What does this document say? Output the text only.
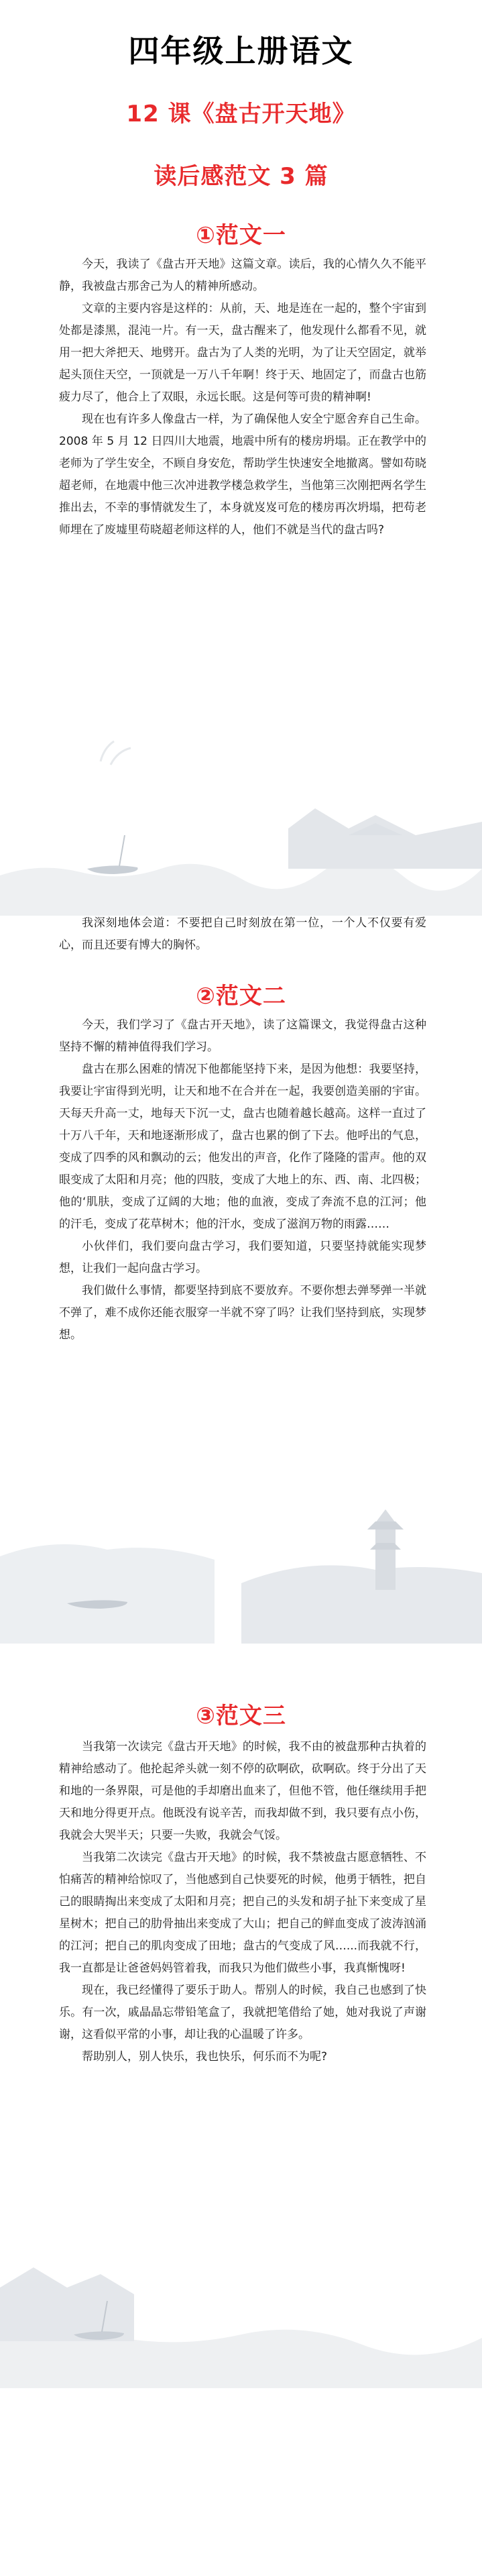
四年级上册语文
12 课《盘古开天地》
读后感范文 3 篇
①范文一

今天，我读了《盘古开天地》这篇文章。读后，我的心情久久不能平静，我被盘古那舍己为人的精神所感动。

文章的主要内容是这样的：从前，天、地是连在一起的，整个宇宙到处都是漆黑，混沌一片。有一天，盘古醒来了，他发现什么都看不见，就用一把大斧把天、地劈开。盘古为了人类的光明，为了让天空固定，就举起头顶住天空，一顶就是一万八千年啊！终于天、地固定了，而盘古也筋疲力尽了，他合上了双眼，永远长眠。这是何等可贵的精神啊!

现在也有许多人像盘古一样，为了确保他人安全宁愿舍弃自己生命。2008 年 5 月 12 日四川大地震，地震中所有的楼房坍塌。正在教学中的老师为了学生安全，不顾自身安危，帮助学生快速安全地撤离。譬如苟晓超老师，在地震中他三次冲进教学楼急救学生，当他第三次刚把两名学生推出去，不幸的事情就发生了，本身就岌岌可危的楼房再次坍塌，把苟老师埋在了废墟里苟晓超老师这样的人，他们不就是当代的盘古吗?

我深刻地体会道：不要把自己时刻放在第一位，一个人不仅要有爱心，而且还要有博大的胸怀。

②范文二

今天，我们学习了《盘古开天地》，读了这篇课文，我觉得盘古这种坚持不懈的精神值得我们学习。

盘古在那么困难的情况下他都能坚持下来，是因为他想：我要坚持，我要让宇宙得到光明，让天和地不在合并在一起，我要创造美丽的宇宙。天每天升高一丈，地每天下沉一丈，盘古也随着越长越高。这样一直过了十万八千年，天和地逐渐形成了，盘古也累的倒了下去。他呼出的气息，变成了四季的风和飘动的云；他发出的声音，化作了隆隆的雷声。他的双眼变成了太阳和月亮；他的四肢，变成了大地上的东、西、南、北四极；他的‘肌肤，变成了辽阔的大地；他的血液，变成了奔流不息的江河；他的汗毛，变成了花草树木；他的汗水，变成了滋润万物的雨露……

小伙伴们，我们要向盘古学习，我们要知道，只要坚持就能实现梦想，让我们一起向盘古学习。

我们做什么事情，都要坚持到底不要放弃。不要你想去弹琴弹一半就不弹了，难不成你还能衣服穿一半就不穿了吗？让我们坚持到底，实现梦想。

③范文三

当我第一次读完《盘古开天地》的时候，我不由的被盘那种古执着的精神给感动了。他抡起斧头就一刻不停的砍啊砍，砍啊砍。终于分出了天和地的一条界限，可是他的手却磨出血来了，但他不管，他任继续用手把天和地分得更开点。他既没有说辛苦，而我却做不到，我只要有点小伤，我就会大哭半天；只要一失败，我就会气馁。

当我第二次读完《盘古开天地》的时候，我不禁被盘古愿意牺牲、不怕痛苦的精神给惊叹了，当他感到自己快要死的时候，他勇于牺牲，把自己的眼睛掏出来变成了太阳和月亮；把自己的头发和胡子扯下来变成了星星树木；把自己的肋骨抽出来变成了大山；把自己的鲜血变成了波涛汹涌的江河；把自己的肌肉变成了田地；盘古的气变成了风…...而我就不行，我一直都是让爸爸妈妈管着我，而我只为他们做些小事，我真惭愧呀!

现在，我已经懂得了要乐于助人。帮别人的时候，我自己也感到了快乐。有一次，戚晶晶忘带铅笔盒了，我就把笔借给了她，她对我说了声谢谢，这看似平常的小事，却让我的心温暖了许多。

帮助别人，别人快乐，我也快乐，何乐而不为呢?
